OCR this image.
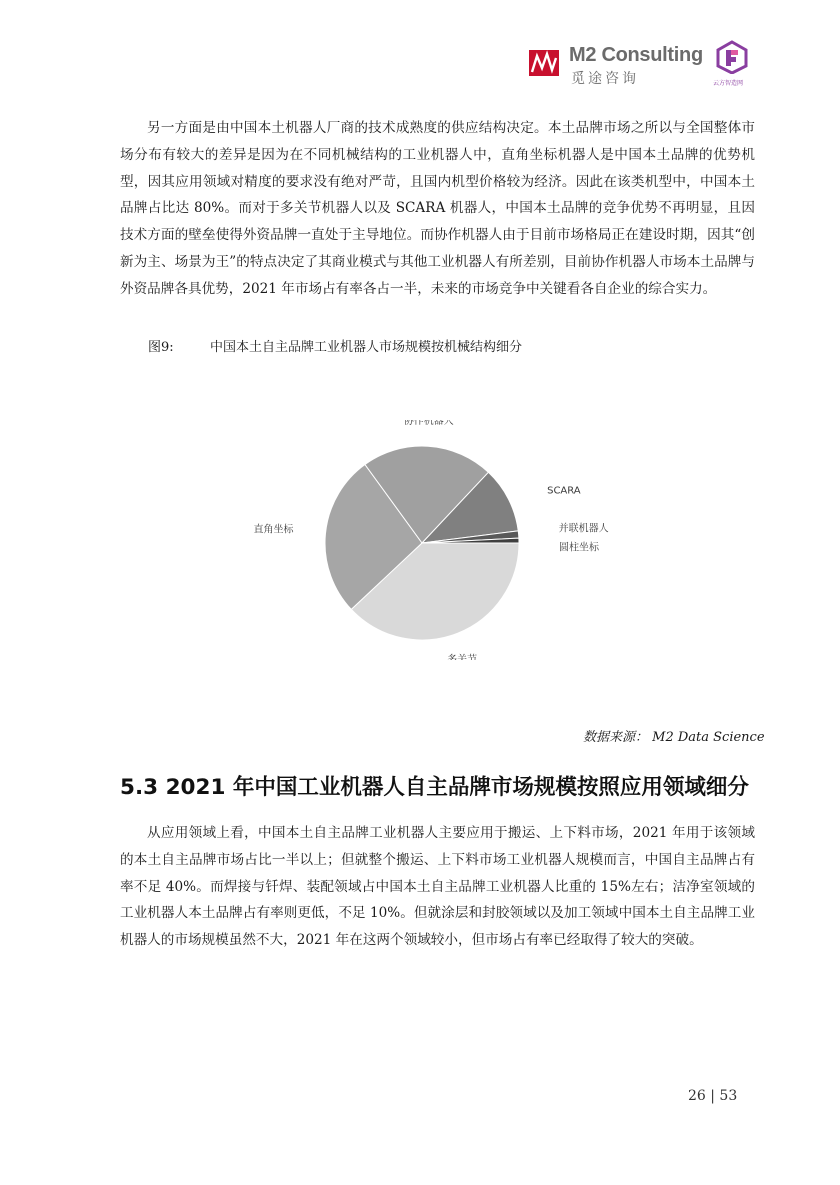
M2 Consulting
觅途咨询	云方智造网

另一方面是由中国本土机器人厂商的技术成熟度的供应结构决定。本土品牌市场之所以与全国整体市场分布有较大的差异是因为在不同机械结构的工业机器人中，直角坐标机器人是中国本土品牌的优势机型，因其应用领域对精度的要求没有绝对严苛，且国内机型价格较为经济。因此在该类机型中，中国本土品牌占比达 80%。而对于多关节机器人以及 SCARA 机器人，中国本土品牌的竞争优势不再明显，且因技术方面的壁垒使得外资品牌一直处于主导地位。而协作机器人由于目前市场格局正在建设时期，因其“创新为主、场景为王”的特点决定了其商业模式与其他工业机器人有所差别，目前协作机器人市场本土品牌与外资品牌各具优势，2021 年市场占有率各占一半，未来的市场竞争中关键看各自企业的综合实力。

图9:	中国本土自主品牌工业机器人市场规模按机械结构细分
多关节
直角坐标
协作机器人
SCARA
并联机器人
圆柱坐标
数据来源： M2 Data Science
5.3 2021 年中国工业机器人自主品牌市场规模按照应用领域细分

从应用领域上看，中国本土自主品牌工业机器人主要应用于搬运、上下料市场，2021 年用于该领域的本土自主品牌市场占比一半以上；但就整个搬运、上下料市场工业机器人规模而言，中国自主品牌占有率不足 40%。而焊接与钎焊、装配领域占中国本土自主品牌工业机器人比重的 15%左右；洁净室领域的工业机器人本土品牌占有率则更低，不足 10%。但就涂层和封胶领域以及加工领域中国本土自主品牌工业机器人的市场规模虽然不大，2021 年在这两个领域较小，但市场占有率已经取得了较大的突破。

26 | 53
